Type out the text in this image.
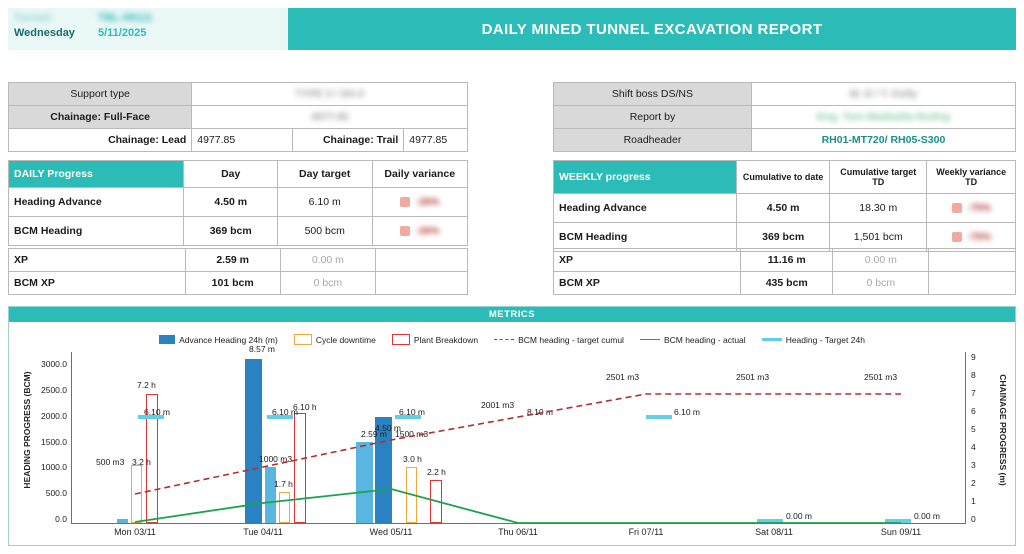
Tunnel:	TBL-08111
Wednesday 5/11/2025	DAILY MINED TUNNEL EXCAVATION REPORT
Support type	TYPE 3 / SH-2
Chainage: Full-Face	4977.85
Chainage: Lead	4977.85	Chainage: Trail	4977.85
Shift boss DS/NS	M. D / T. Kelly
Report by	Eng. Tom Mwikalila Rodrig
Roadheader	RH01-MT720/ RH05-S300
DAILY Progress	Day	Day target	Daily variance
Heading Advance	4.50 m	6.10 m	-26%
BCM Heading	369 bcm	500 bcm	-26%
XP	2.59 m	0.00 m	
BCM XP	101 bcm	0 bcm	
WEEKLY progress	Cumulative to date	Cumulative target TD	Weekly variance TD
Heading Advance	4.50 m	18.30 m	-75%
BCM Heading	369 bcm	1,501 bcm	-75%
XP	11.16 m	0.00 m	
BCM XP	435 bcm	0 bcm	
METRICS
Advance Heading 24h (m)	Cycle downtime	Plant Breakdown	BCM heading - target cumul	BCM heading - actual	Heading - Target 24h
HEADING PROGRESS (BCM)	CHAINAGE PROGRESS (m)
0.0
500.0
1000.0
1500.0
2000.0
2500.0
3000.0
0
1
2
3
4
5
6
7
8
9
Mon 03/11	Tue 04/11	Wed 05/11	Thu 06/11	Fri 07/11	Sat 08/11	Sun 09/11
500 m3 3.2 h
7.2 h
6.10 m
8.57 m
1000 m3
1.7 h
6.10 h
6.10 m
2.59 m
4.50 m
1500 m3
3.0 h
2.2 h
6.10 m
2001 m3
8.10 m
2501 m3
6.10 m
2501 m3
0.00 m
2501 m3
0.00 m
